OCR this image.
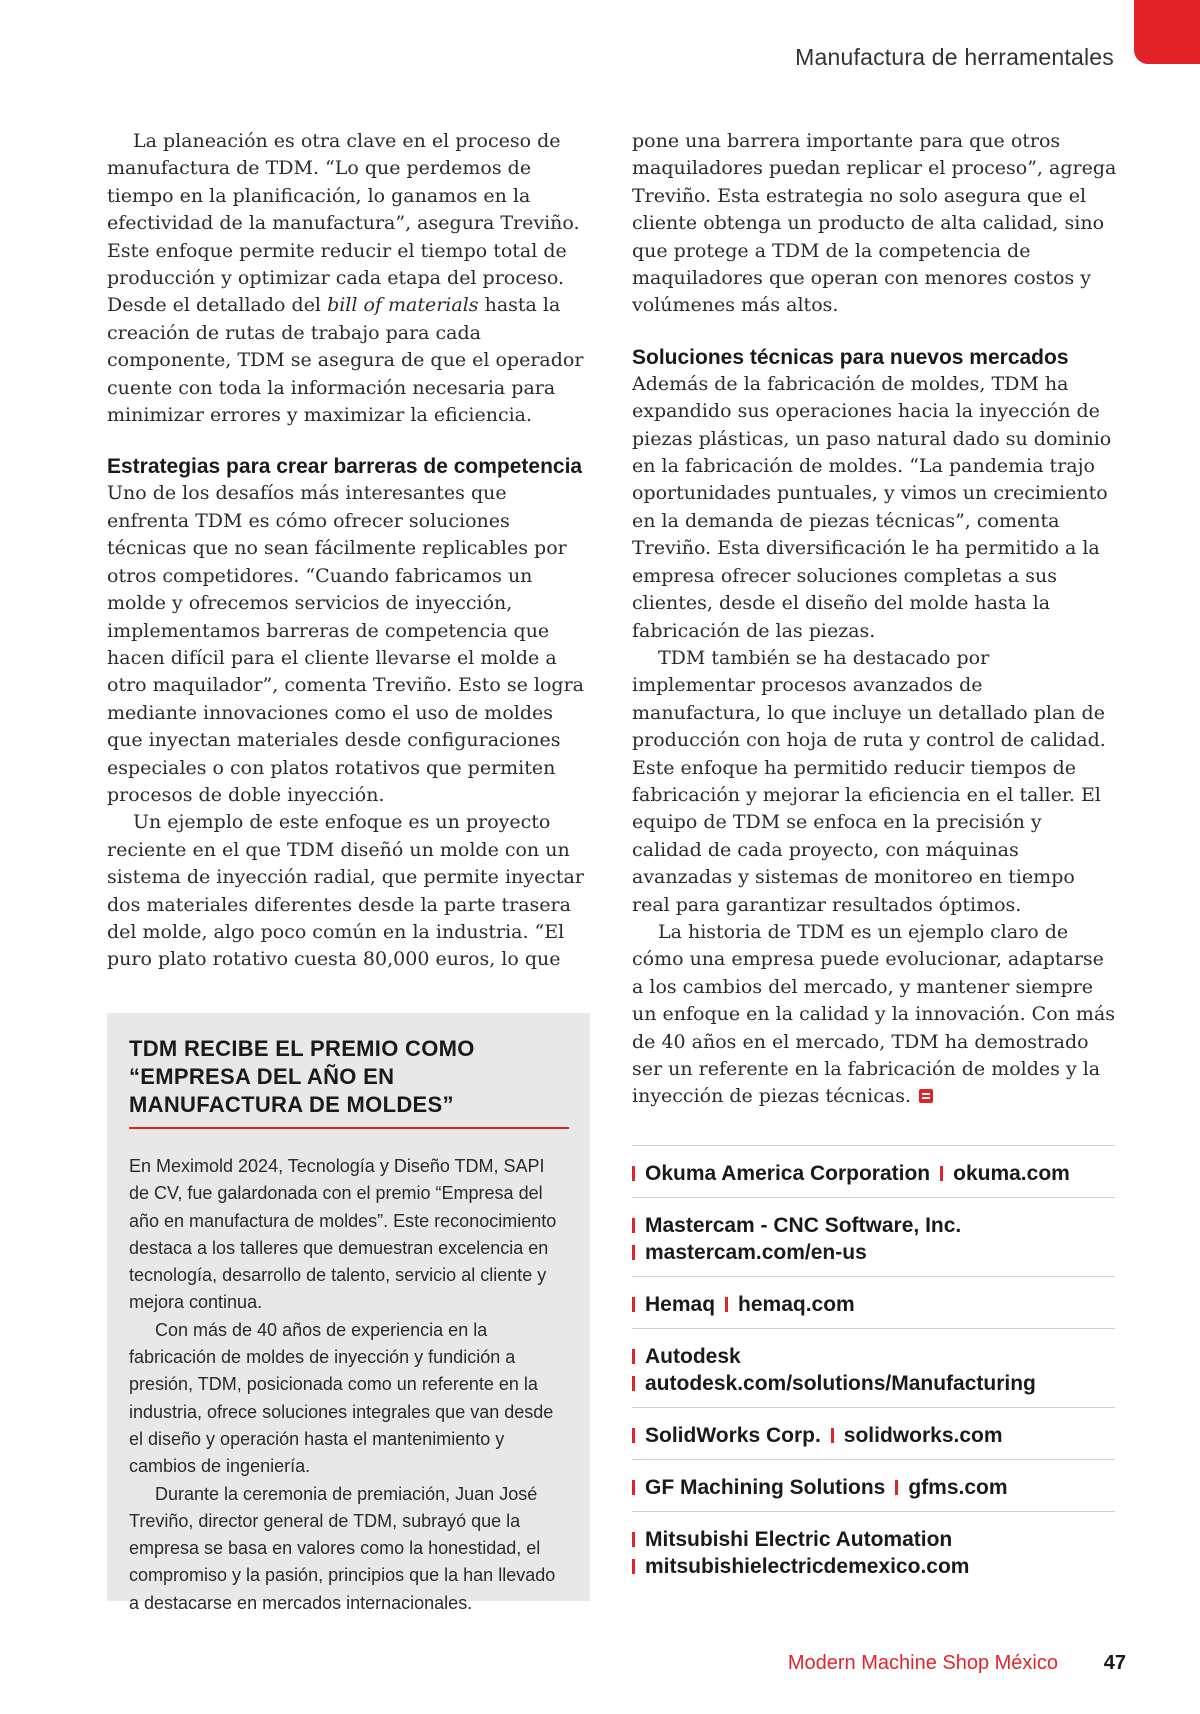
Manufactura de herramentales

La planeación es otra clave en el proceso de manufactura de TDM. “Lo que perdemos de tiempo en la planificación, lo ganamos en la efectividad de la manufactura”, asegura Treviño. Este enfoque permite reducir el tiempo total de producción y optimizar cada etapa del proceso. Desde el detallado del bill of materials hasta la creación de rutas de trabajo para cada componente, TDM se asegura de que el operador cuente con toda la información necesaria para minimizar errores y maximizar la eficiencia.

Estrategias para crear barreras de competencia

Uno de los desafíos más interesantes que enfrenta TDM es cómo ofrecer soluciones técnicas que no sean fácilmente replicables por otros competidores. “Cuando fabricamos un molde y ofrecemos servicios de inyección, implementamos barreras de competencia que hacen difícil para el cliente llevarse el molde a otro maquilador”, comenta Treviño. Esto se logra mediante innovaciones como el uso de moldes que inyectan materiales desde configuraciones especiales o con platos rotativos que permiten procesos de doble inyección.

Un ejemplo de este enfoque es un proyecto reciente en el que TDM diseñó un molde con un sistema de inyección radial, que permite inyectar dos materiales diferentes desde la parte trasera del molde, algo poco común en la industria. “El puro plato rotativo cuesta 80,000 euros, lo que

TDM RECIBE EL PREMIO COMO “EMPRESA DEL AÑO EN MANUFACTURA DE MOLDES”

En Meximold 2024, Tecnología y Diseño TDM, SAPI de CV, fue galardonada con el premio “Empresa del año en manufactura de moldes”. Este reconocimiento destaca a los talleres que demuestran excelencia en tecnología, desarrollo de talento, servicio al cliente y mejora continua.

Con más de 40 años de experiencia en la fabricación de moldes de inyección y fundición a presión, TDM, posicionada como un referente en la industria, ofrece soluciones integrales que van desde el diseño y operación hasta el mantenimiento y cambios de ingeniería.

Durante la ceremonia de premiación, Juan José Treviño, director general de TDM, subrayó que la empresa se basa en valores como la honestidad, el compromiso y la pasión, principios que la han llevado a destacarse en mercados internacionales.

pone una barrera importante para que otros maquiladores puedan replicar el proceso”, agrega Treviño. Esta estrategia no solo asegura que el cliente obtenga un producto de alta calidad, sino que protege a TDM de la competencia de maquiladores que operan con menores costos y volúmenes más altos.

Soluciones técnicas para nuevos mercados

Además de la fabricación de moldes, TDM ha expandido sus operaciones hacia la inyección de piezas plásticas, un paso natural dado su dominio en la fabricación de moldes. “La pandemia trajo oportunidades puntuales, y vimos un crecimiento en la demanda de piezas técnicas”, comenta Treviño. Esta diversificación le ha permitido a la empresa ofrecer soluciones completas a sus clientes, desde el diseño del molde hasta la fabricación de las piezas.

TDM también se ha destacado por implementar procesos avanzados de manufactura, lo que incluye un detallado plan de producción con hoja de ruta y control de calidad. Este enfoque ha permitido reducir tiempos de fabricación y mejorar la eficiencia en el taller. El equipo de TDM se enfoca en la precisión y calidad de cada proyecto, con máquinas avanzadas y sistemas de monitoreo en tiempo real para garantizar resultados óptimos.

La historia de TDM es un ejemplo claro de cómo una empresa puede evolucionar, adaptarse a los cambios del mercado, y mantener siempre un enfoque en la calidad y la innovación. Con más de 40 años en el mercado, TDM ha demostrado ser un referente en la fabricación de moldes y la inyección de piezas técnicas.

Okuma America Corporation okuma.com
Mastercam - CNC Software, Inc.
mastercam.com/en-us
Hemaq hemaq.com
Autodesk
autodesk.com/solutions/Manufacturing
SolidWorks Corp. solidworks.com
GF Machining Solutions gfms.com
Mitsubishi Electric Automation
mitsubishielectricdemexico.com
Modern Machine Shop México 47
